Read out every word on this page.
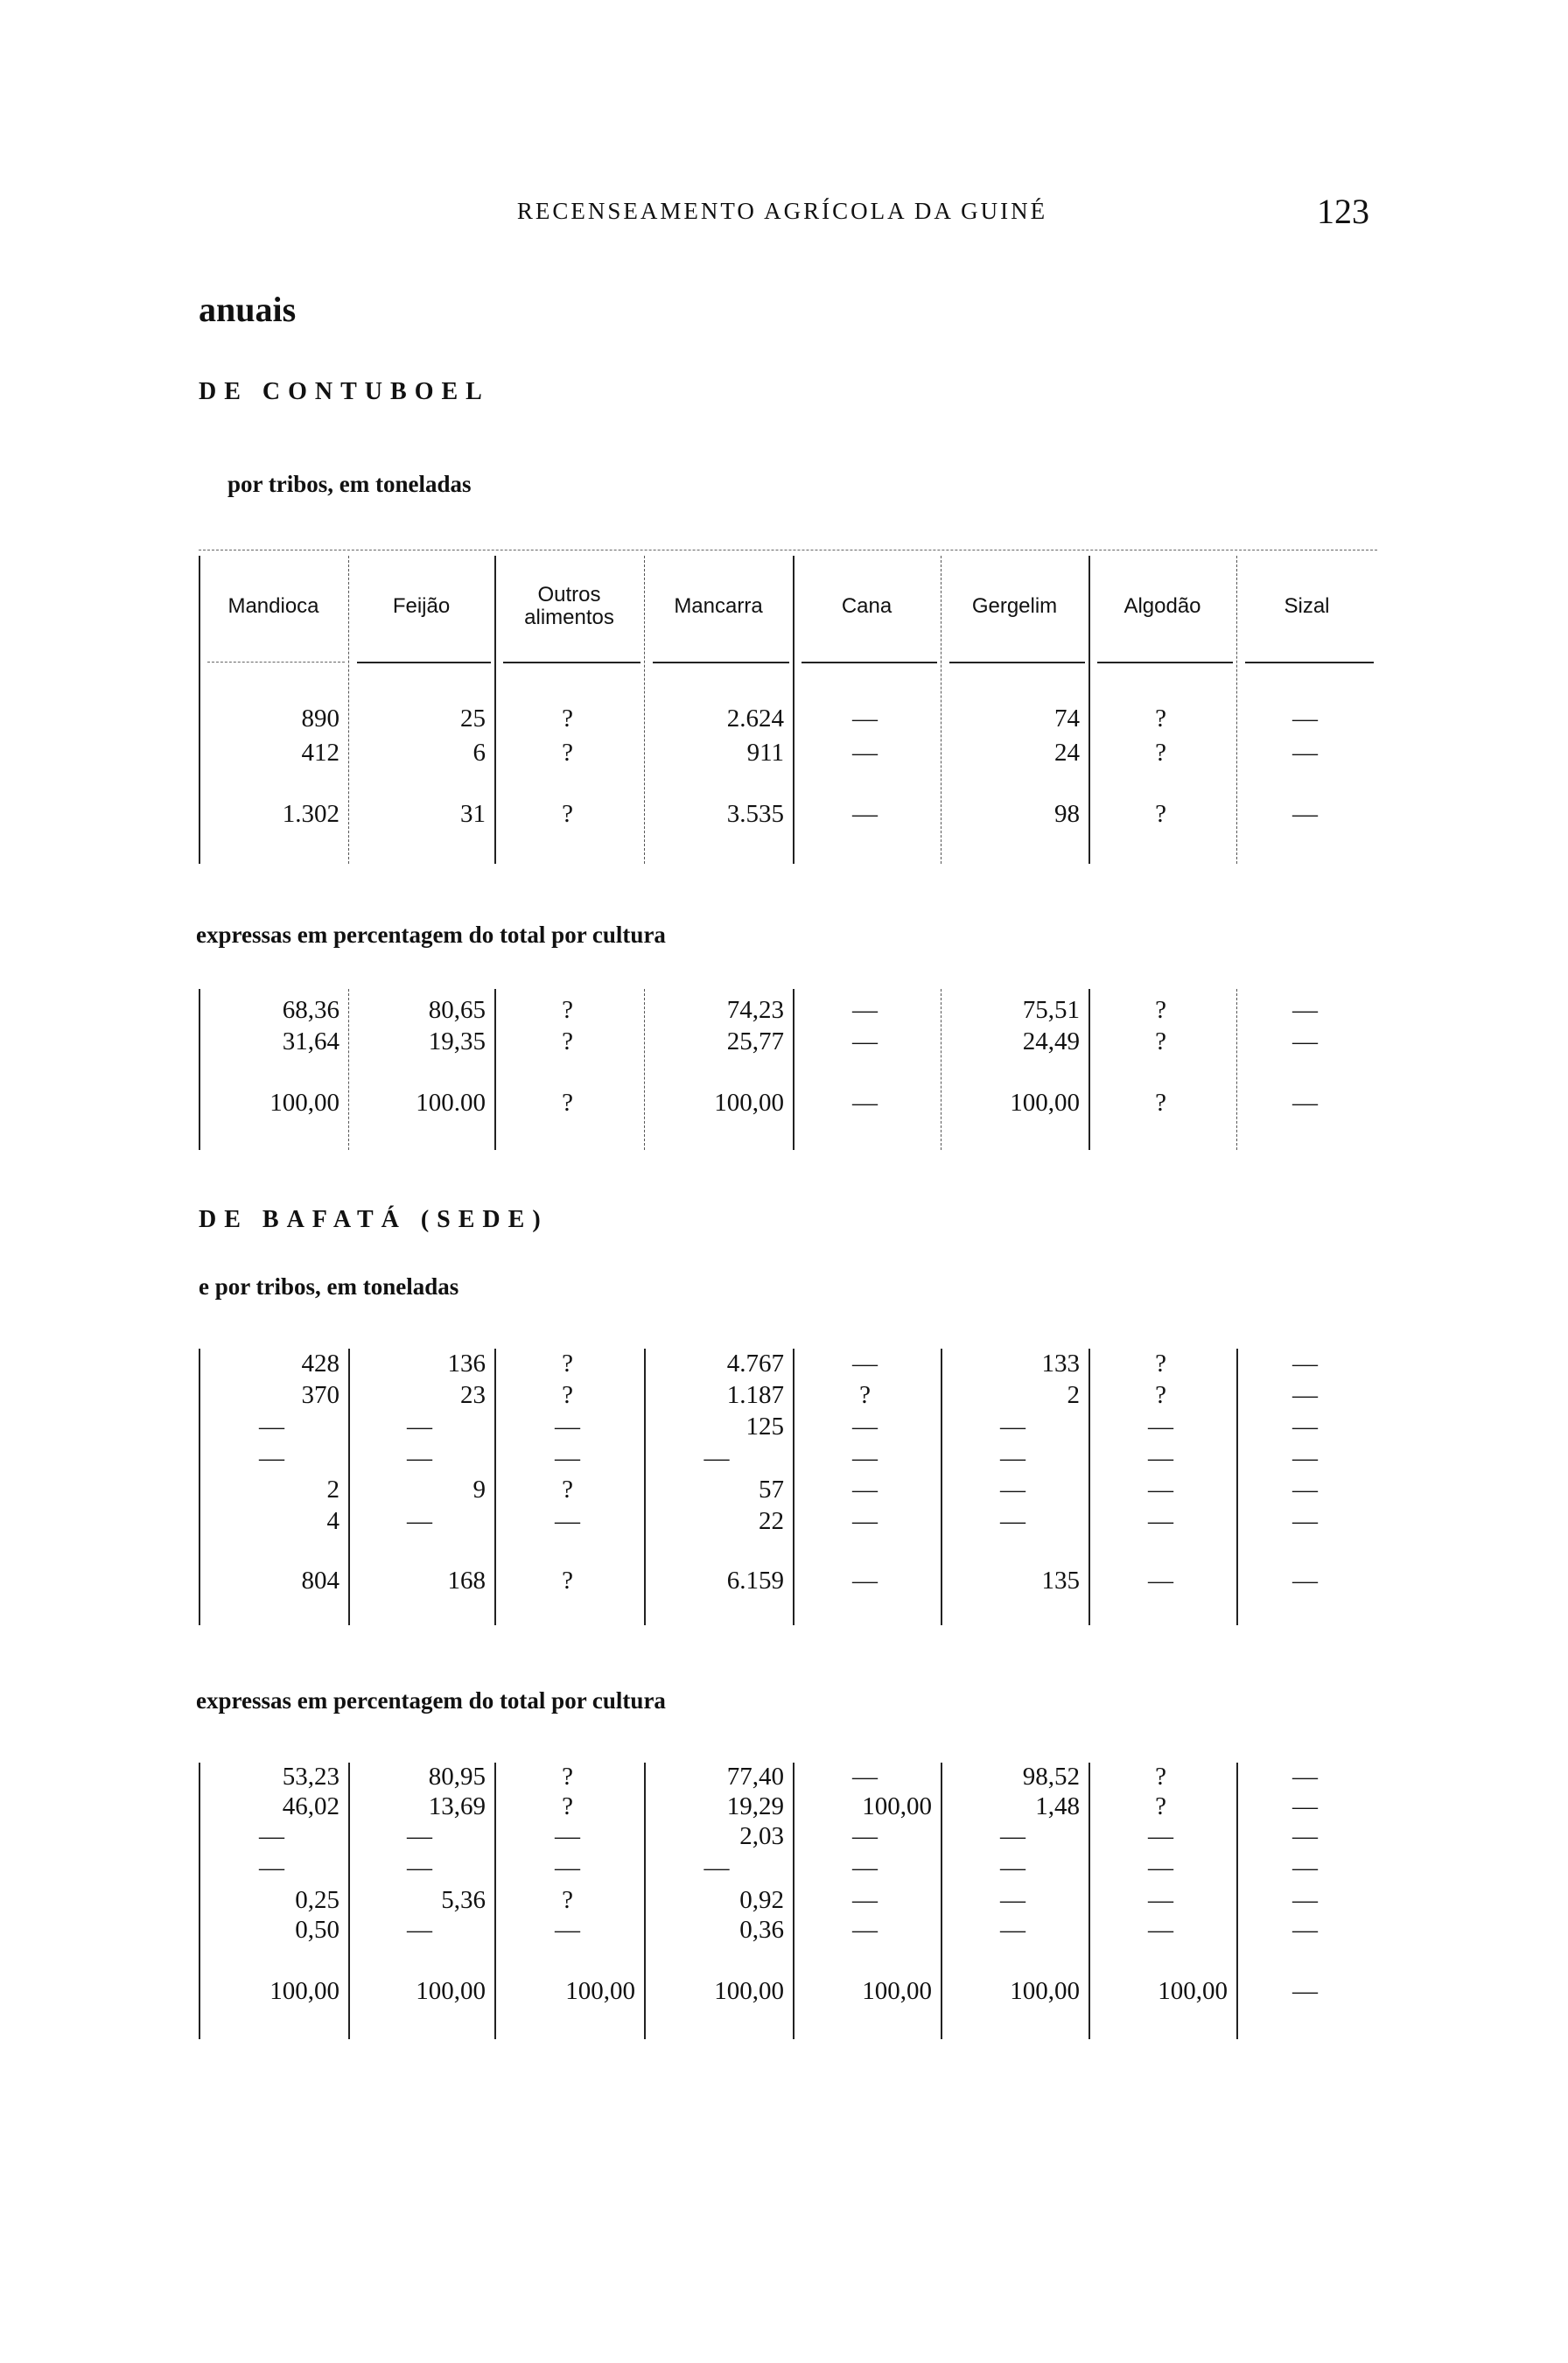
RECENSEAMENTO AGRÍCOLA DA GUINÉ	123
anuais
DE CONTUBOEL
por tribos, em toneladas
expressas em percentagem do total por cultura
DE BAFATÁ (SEDE)
e por tribos, em toneladas
expressas em percentagem do total por cultura
Mandioca	Feijão	Outros alimentos	Mancarra	Cana	Gergelim	Algodão	Sizal
890	25	?	2.624	—	74	?	—
412	6	?	911	—	24	?	—
1.302	31	?	3.535	—	98	?	—
68,36	80,65	?	74,23	—	75,51	?	—
31,64	19,35	?	25,77	—	24,49	?	—
100,00	100.00	?	100,00	—	100,00	?	—
428	136	?	4.767	—	133	?	—
370	23	?	1.187	?	2	?	—
—	—	—	125	—	—	—	—
—	—	—	—	—	—	—	—
2	9	?	57	—	—	—	—
4	—	—	22	—	—	—	—
804	168	?	6.159	—	135	—	—
53,23	80,95	?	77,40	—	98,52	?	—
46,02	13,69	?	19,29	100,00	1,48	?	—
—	—	—	2,03	—	—	—	—
—	—	—	—	—	—	—	—
0,25	5,36	?	0,92	—	—	—	—
0,50	—	—	0,36	—	—	—	—
100,00	100,00	100,00	100,00	100,00	100,00	100,00	—
